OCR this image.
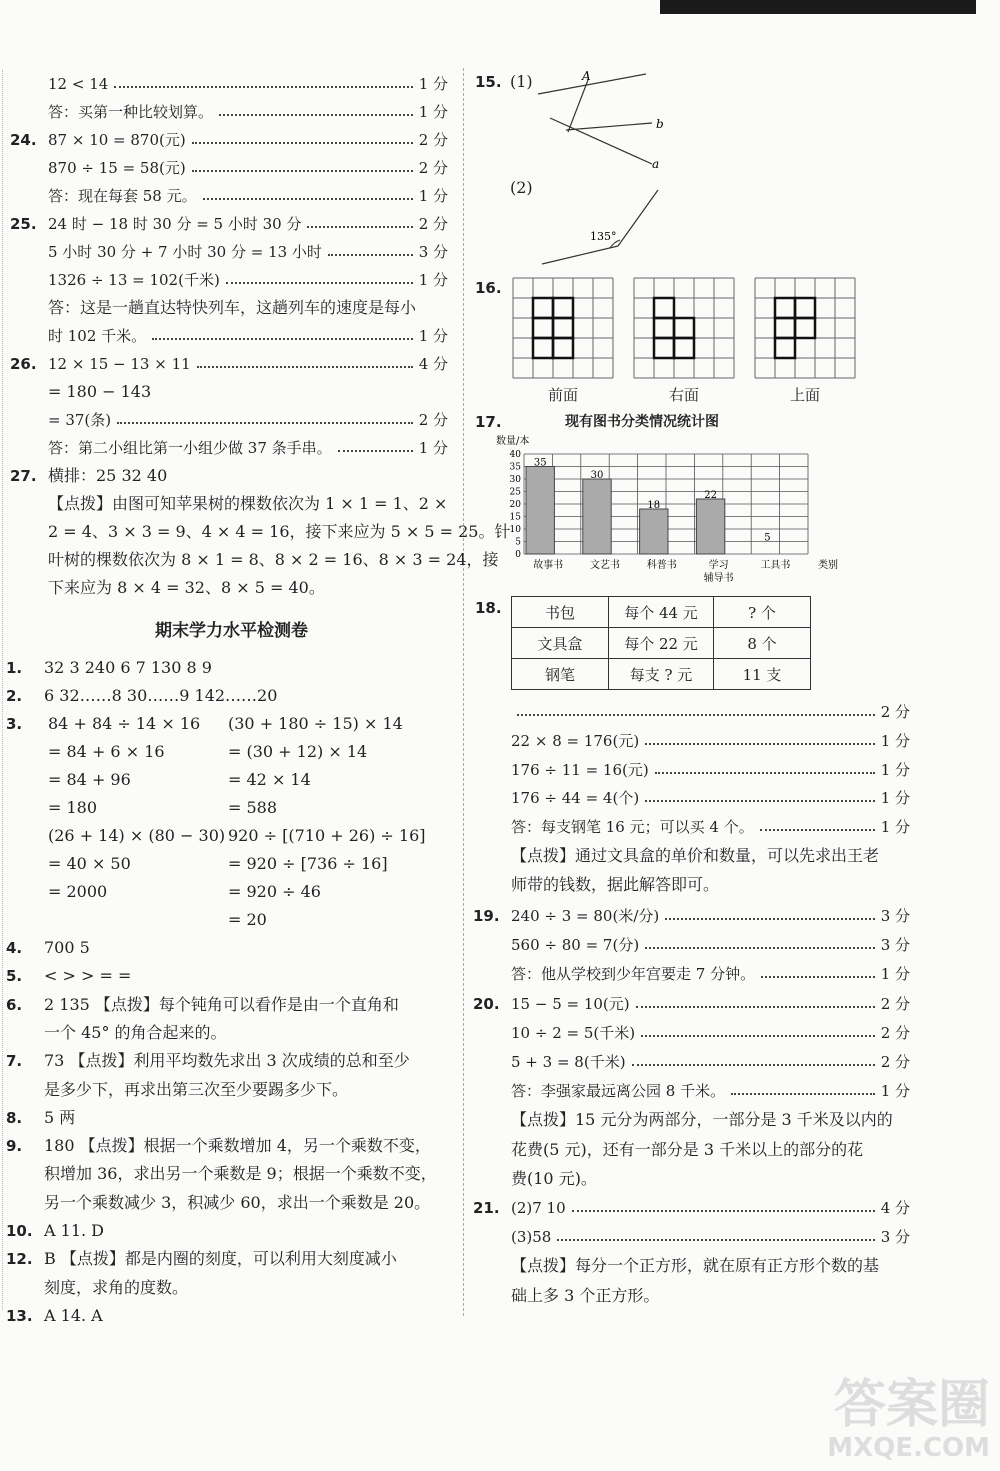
12 < 14	1 分
答：买第一种比较划算。	1 分
24. 87 × 10 = 870(元)	2 分
870 ÷ 15 = 58(元)	2 分
答：现在每套 58 元。	1 分
25. 24 时 − 18 时 30 分 = 5 小时 30 分	2 分
5 小时 30 分 + 7 小时 30 分 = 13 小时	3 分
1326 ÷ 13 = 102(千米)	1 分
答：这是一趟直达特快列车，这趟列车的速度是每小
时 102 千米。	1 分
26. 12 × 15 − 13 × 11	4 分
= 180 − 143
= 37(条)	2 分
答：第二小组比第一小组少做 37 条手串。	1 分
27. 横排：25 32 40
【点拨】由图可知苹果树的棵数依次为 1 × 1 = 1、2 ×
2 = 4、3 × 3 = 9、4 × 4 = 16，接下来应为 5 × 5 = 25。针
叶树的棵数依次为 8 × 1 = 8、8 × 2 = 16、8 × 3 = 24，接
下来应为 8 × 4 = 32、8 × 5 = 40。
期末学力水平检测卷
1. 32 3 240 6 7 130 8 9
2. 6 32……8 30……9 142……20
3. 84 + 84 ÷ 14 × 16
= 84 + 6 × 16
= 84 + 96
= 180
(30 + 180 ÷ 15) × 14
= (30 + 12) × 14
= 42 × 14
= 588
(26 + 14) × (80 − 30)
= 40 × 50
= 2000
920 ÷ [(710 + 26) ÷ 16]
= 920 ÷ [736 ÷ 16]
= 920 ÷ 46
= 20
4. 700 5
5. < > > = =
6. 2 135 【点拨】每个钝角可以看作是由一个直角和
一个 45° 的角合起来的。
7. 73 【点拨】利用平均数先求出 3 次成绩的总和至少
是多少下，再求出第三次至少要踢多少下。
8. 5 两
9. 180 【点拨】根据一个乘数增加 4，另一个乘数不变，
积增加 36，求出另一个乘数是 9；根据一个乘数不变，
另一个乘数减少 3，积减少 60，求出一个乘数是 20。
10. A 11. D
12. B 【点拨】都是内圈的刻度，可以利用大刻度减小
刻度，求角的度数。
13. A 14. A
15. (1)	A
b
a
(2)
135°
16.
前面	右面	上面
17.	现有图书分类情况统计图
数量/本
0
5
10
15
20
25
30
35
40
35
故事书
30
文艺书
18
科普书
22
学习
辅导书
5
工具书	类别
18.	书包	每个 44 元	? 个
文具盒	每个 22 元	8 个
钢笔	每支 ? 元	11 支
2 分
22 × 8 = 176(元)	1 分
176 ÷ 11 = 16(元)	1 分
176 ÷ 44 = 4(个)	1 分
答：每支钢笔 16 元；可以买 4 个。	1 分
【点拨】通过文具盒的单价和数量，可以先求出王老
师带的钱数，据此解答即可。
19. 240 ÷ 3 = 80(米/分)	3 分
560 ÷ 80 = 7(分)	3 分
答：他从学校到少年宫要走 7 分钟。	1 分
20. 15 − 5 = 10(元)	2 分
10 ÷ 2 = 5(千米)	2 分
5 + 3 = 8(千米)	2 分
答：李强家最远离公园 8 千米。	1 分
【点拨】15 元分为两部分，一部分是 3 千米及以内的
花费(5 元)，还有一部分是 3 千米以上的部分的花
费(10 元)。
21. (2)7 10	4 分
(3)58	3 分
【点拨】每分一个正方形，就在原有正方形个数的基
础上多 3 个正方形。
答案圈
MXQE.COM
